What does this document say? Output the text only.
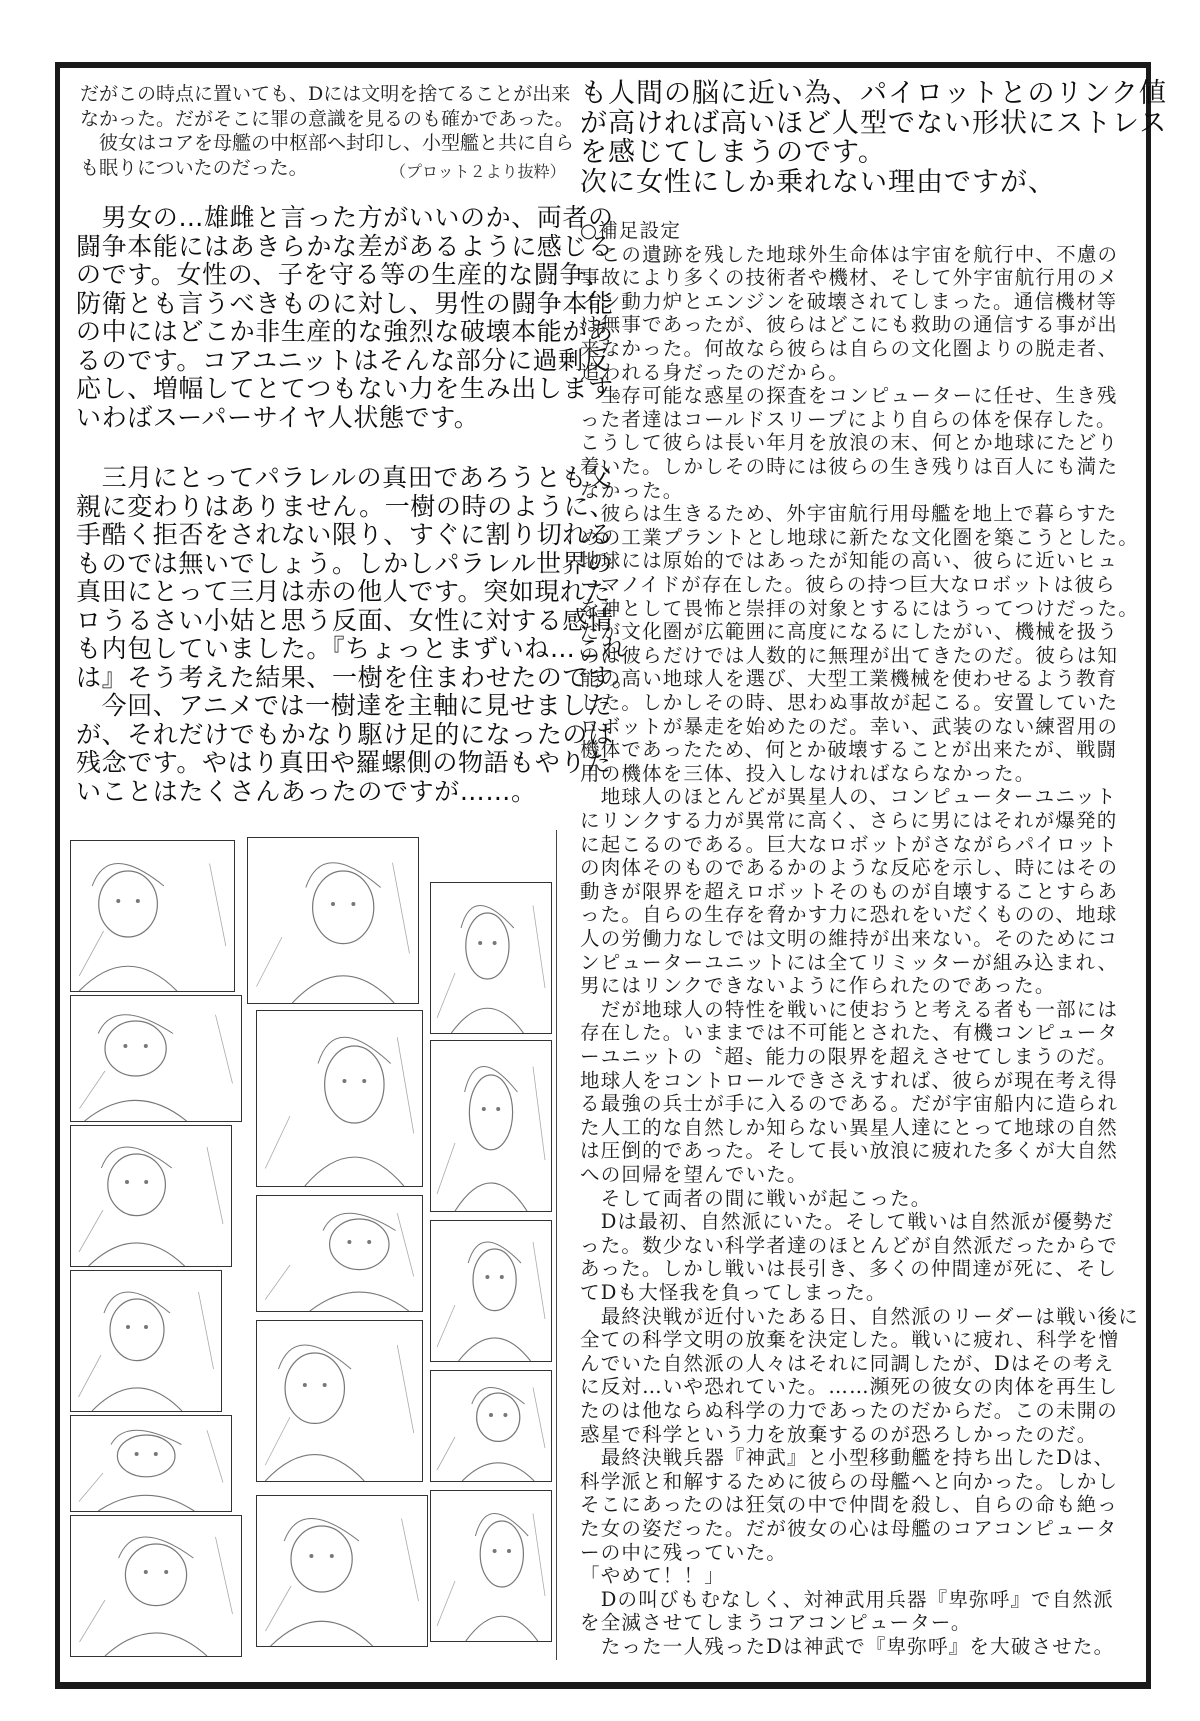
だがこの時点に置いても、Dには文明を捨てることが出来
なかった。だがそこに罪の意識を見るのも確かであった。
　彼女はコアを母艦の中枢部へ封印し、小型艦と共に自ら
も眠りについたのだった。	（プロット２より抜粋）
　男女の…雄雌と言った方がいいのか、両者の
闘争本能にはあきらかな差があるように感じる
のです。女性の、子を守る等の生産的な闘争、
防衛とも言うべきものに対し、男性の闘争本能
の中にはどこか非生産的な強烈な破壊本能があ
るのです。コアユニットはそんな部分に過剰反
応し、増幅してとてつもない力を生み出します。
いわばスーパーサイヤ人状態です。
　三月にとってパラレルの真田であろうとも父
親に変わりはありません。一樹の時のように、
手酷く拒否をされない限り、すぐに割り切れる
ものでは無いでしょう。しかしパラレル世界の
真田にとって三月は赤の他人です。突如現れた
ロうるさい小姑と思う反面、女性に対する感情
も内包していました。『ちょっとまずいね…これ
は』そう考えた結果、一樹を住まわせたのです。
　今回、アニメでは一樹達を主軸に見せました
が、それだけでもかなり駆け足的になったのは
残念です。やはり真田や羅螺側の物語もやりた
いことはたくさんあったのですが……。
も人間の脳に近い為、パイロットとのリンク値
が高ければ高いほど人型でない形状にストレス
を感じてしまうのです。
次に女性にしか乗れない理由ですが、
○補足設定
　この遺跡を残した地球外生命体は宇宙を航行中、不慮の
事故により多くの技術者や機材、そして外宇宙航行用のメ
イン動力炉とエンジンを破壊されてしまった。通信機材等
は無事であったが、彼らはどこにも救助の通信する事が出
来なかった。何故なら彼らは自らの文化圏よりの脱走者、
追われる身だったのだから。
　生存可能な惑星の探査をコンピューターに任せ、生き残
った者達はコールドスリープにより自らの体を保存した。
こうして彼らは長い年月を放浪の末、何とか地球にたどり
着いた。しかしその時には彼らの生き残りは百人にも満た
なかった。
　彼らは生きるため、外宇宙航行用母艦を地上で暮らすた
めの工業プラントとし地球に新たな文化圏を築こうとした。
地球には原始的ではあったが知能の高い、彼らに近いヒュ
ーマノイドが存在した。彼らの持つ巨大なロボットは彼ら
を神として畏怖と崇拝の対象とするにはうってつけだった。
だが文化圏が広範囲に高度になるにしたがい、機械を扱う
のは彼らだけでは人数的に無理が出てきたのだ。彼らは知
能の高い地球人を選び、大型工業機械を使わせるよう教育
した。しかしその時、思わぬ事故が起こる。安置していた
ロボットが暴走を始めたのだ。幸い、武装のない練習用の
機体であったため、何とか破壊することが出来たが、戦闘
用の機体を三体、投入しなければならなかった。
　地球人のほとんどが異星人の、コンピューターユニット
にリンクする力が異常に高く、さらに男にはそれが爆発的
に起こるのである。巨大なロボットがさながらパイロット
の肉体そのものであるかのような反応を示し、時にはその
動きが限界を超えロボットそのものが自壊することすらあ
った。自らの生存を脅かす力に恐れをいだくものの、地球
人の労働力なしでは文明の維持が出来ない。そのためにコ
ンピューターユニットには全てリミッターが組み込まれ、
男にはリンクできないように作られたのであった。
　だが地球人の特性を戦いに使おうと考える者も一部には
存在した。いままでは不可能とされた、有機コンピュータ
ーユニットの〝超〟能力の限界を超えさせてしまうのだ。
地球人をコントロールできさえすれば、彼らが現在考え得
る最強の兵士が手に入るのである。だが宇宙船内に造られ
た人工的な自然しか知らない異星人達にとって地球の自然
は圧倒的であった。そして長い放浪に疲れた多くが大自然
への回帰を望んでいた。
　そして両者の間に戦いが起こった。
　Dは最初、自然派にいた。そして戦いは自然派が優勢だ
った。数少ない科学者達のほとんどが自然派だったからで
あった。しかし戦いは長引き、多くの仲間達が死に、そし
てDも大怪我を負ってしまった。
　最終決戦が近付いたある日、自然派のリーダーは戦い後に
全ての科学文明の放棄を決定した。戦いに疲れ、科学を憎
んでいた自然派の人々はそれに同調したが、Dはその考え
に反対…いや恐れていた。……瀕死の彼女の肉体を再生し
たのは他ならぬ科学の力であったのだからだ。この未開の
惑星で科学という力を放棄するのが恐ろしかったのだ。
　最終決戦兵器『神武』と小型移動艦を持ち出したDは、
科学派と和解するために彼らの母艦へと向かった。しかし
そこにあったのは狂気の中で仲間を殺し、自らの命も絶っ
た女の姿だった。だが彼女の心は母艦のコアコンピュータ
ーの中に残っていた。
「やめて！！」
　Dの叫びもむなしく、対神武用兵器『卑弥呼』で自然派
を全滅させてしまうコアコンピューター。
　たった一人残ったDは神武で『卑弥呼』を大破させた。
